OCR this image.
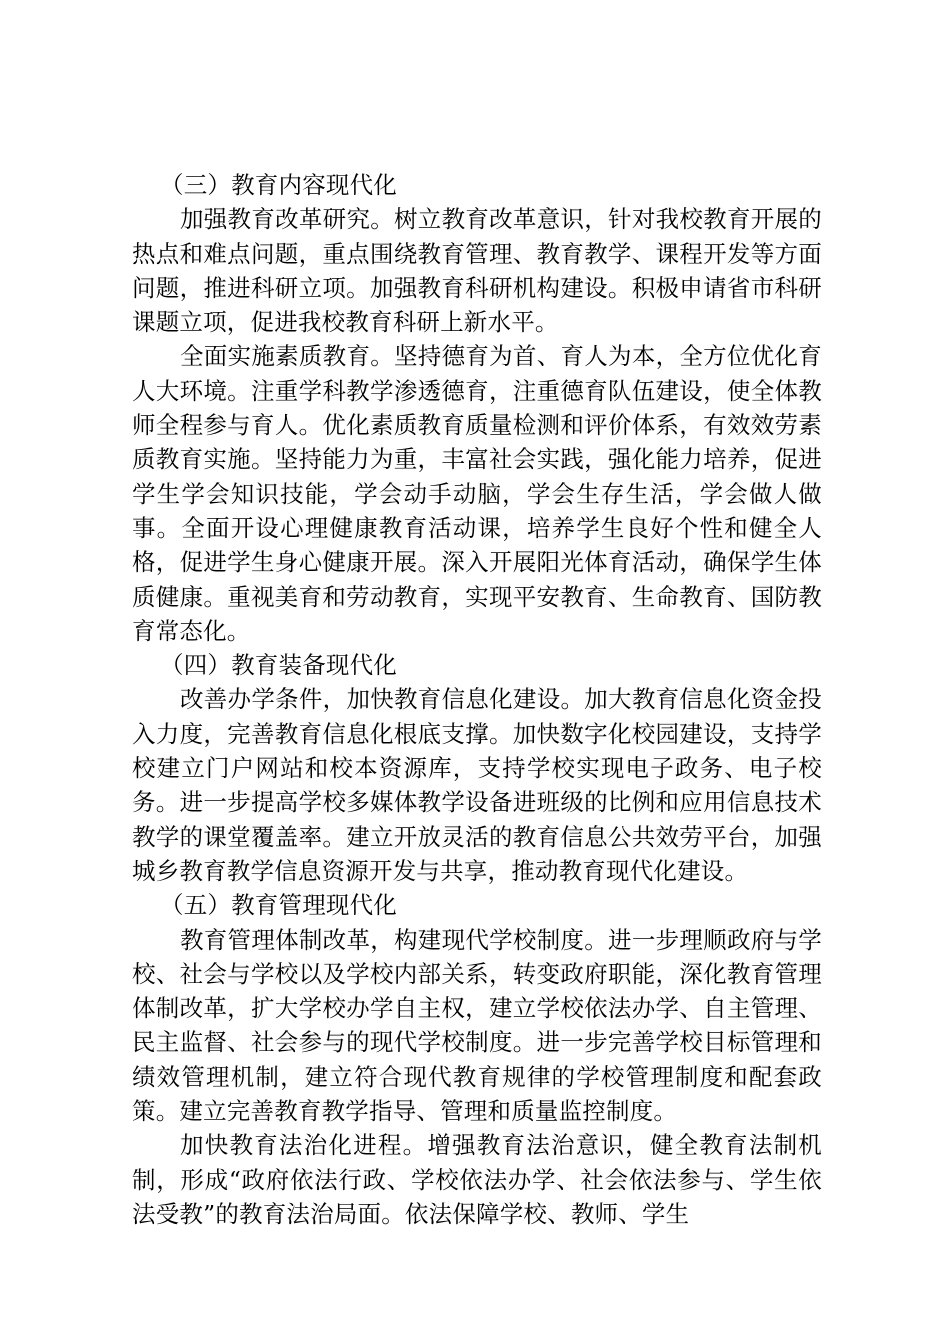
（三）教育内容现代化

加强教育改革研究。树立教育改革意识，针对我校教育开展的热点和难点问题，重点围绕教育管理、教育教学、课程开发等方面问题，推进科研立项。加强教育科研机构建设。积极申请省市科研课题立项，促进我校教育科研上新水平。

全面实施素质教育。坚持德育为首、育人为本，全方位优化育人大环境。注重学科教学渗透德育，注重德育队伍建设，使全体教师全程参与育人。优化素质教育质量检测和评价体系，有效效劳素质教育实施。坚持能力为重，丰富社会实践，强化能力培养，促进学生学会知识技能，学会动手动脑，学会生存生活，学会做人做事。全面开设心理健康教育活动课，培养学生良好个性和健全人格，促进学生身心健康开展。深入开展阳光体育活动，确保学生体质健康。重视美育和劳动教育，实现平安教育、生命教育、国防教育常态化。

（四）教育装备现代化

改善办学条件，加快教育信息化建设。加大教育信息化资金投入力度，完善教育信息化根底支撑。加快数字化校园建设，支持学校建立门户网站和校本资源库，支持学校实现电子政务、电子校务。进一步提高学校多媒体教学设备进班级的比例和应用信息技术教学的课堂覆盖率。建立开放灵活的教育信息公共效劳平台，加强城乡教育教学信息资源开发与共享，推动教育现代化建设。

（五）教育管理现代化

教育管理体制改革，构建现代学校制度。进一步理顺政府与学校、社会与学校以及学校内部关系，转变政府职能，深化教育管理体制改革，扩大学校办学自主权，建立学校依法办学、自主管理、民主监督、社会参与的现代学校制度。进一步完善学校目标管理和绩效管理机制，建立符合现代教育规律的学校管理制度和配套政策。建立完善教育教学指导、管理和质量监控制度。

加快教育法治化进程。增强教育法治意识，健全教育法制机制，形成“政府依法行政、学校依法办学、社会依法参与、学生依法受教”的教育法治局面。依法保障学校、教师、学生
